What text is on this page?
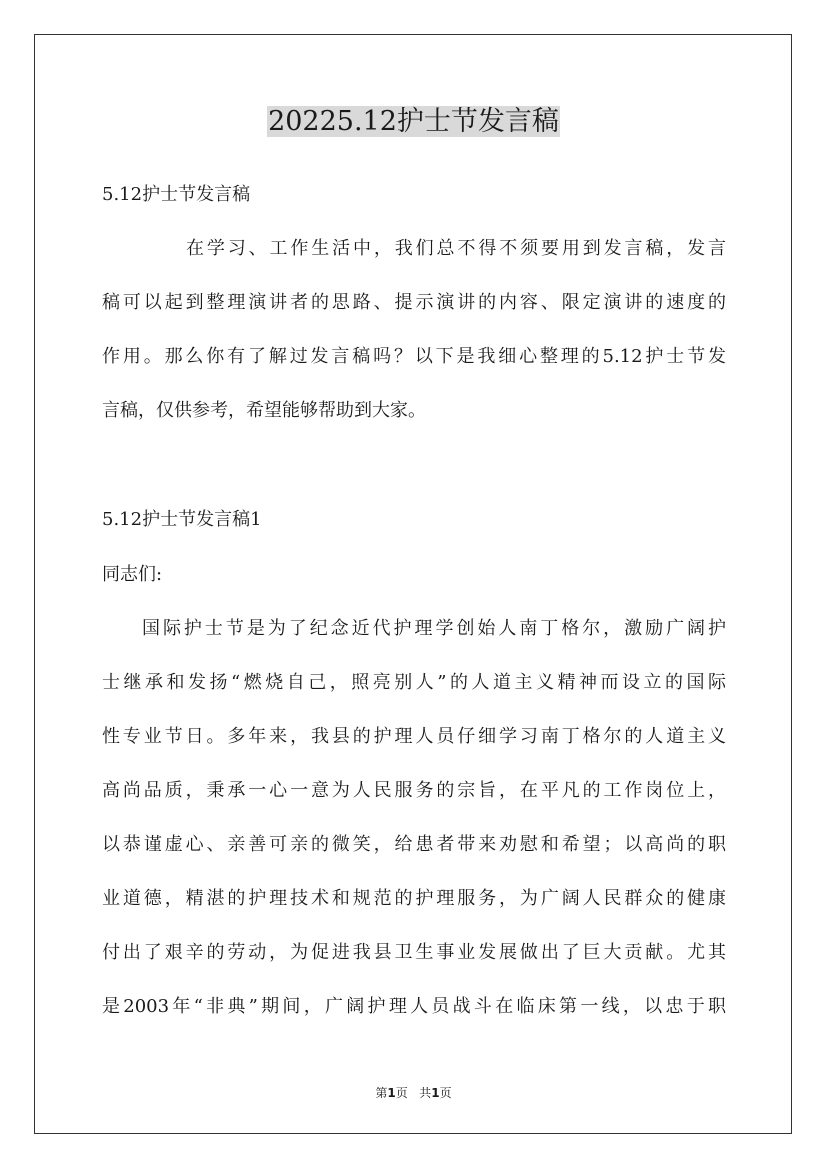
20225.12护士节发言稿
5.12护士节发言稿
在学习、工作生活中，我们总不得不须要用到发言稿，发言
稿可以起到整理演讲者的思路、提示演讲的内容、限定演讲的速度的
作用。那么你有了解过发言稿吗？以下是我细心整理的5.12护士节发
言稿，仅供参考，希望能够帮助到大家。
5.12护士节发言稿1
同志们:
国际护士节是为了纪念近代护理学创始人南丁格尔，激励广阔护
士继承和发扬“燃烧自己，照亮别人”的人道主义精神而设立的国际
性专业节日。多年来，我县的护理人员仔细学习南丁格尔的人道主义
高尚品质，秉承一心一意为人民服务的宗旨，在平凡的工作岗位上，
以恭谨虚心、亲善可亲的微笑，给患者带来劝慰和希望；以高尚的职
业道德，精湛的护理技术和规范的护理服务，为广阔人民群众的健康
付出了艰辛的劳动，为促进我县卫生事业发展做出了巨大贡献。尤其
是2003年“非典”期间，广阔护理人员战斗在临床第一线，以忠于职
第1页   共1页
